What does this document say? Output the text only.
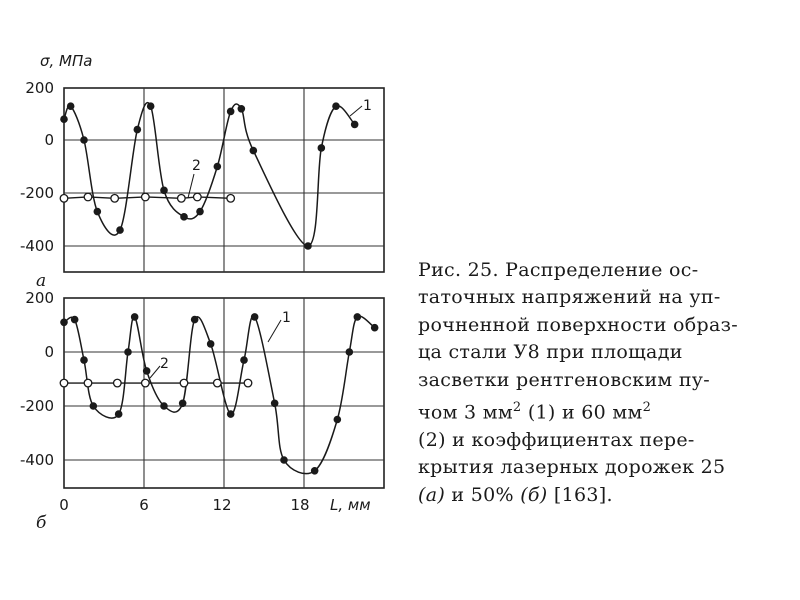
200
0
-200
-400
200
0
-200
-400
σ, МПа
а
б
0	6	12	18 L, мм
1
2
1
2
Рис. 25. Распределение ос-
таточных напряжений на уп-
рочненной поверхности образ-
ца стали У8 при площади
засветки рентгеновским пу-
чом 3 $мм^2$ (1) и 60 $мм^2$
(2) и коэффициентах пере-
крытия лазерных дорожек 25
(а) и 50% (б) [163].
